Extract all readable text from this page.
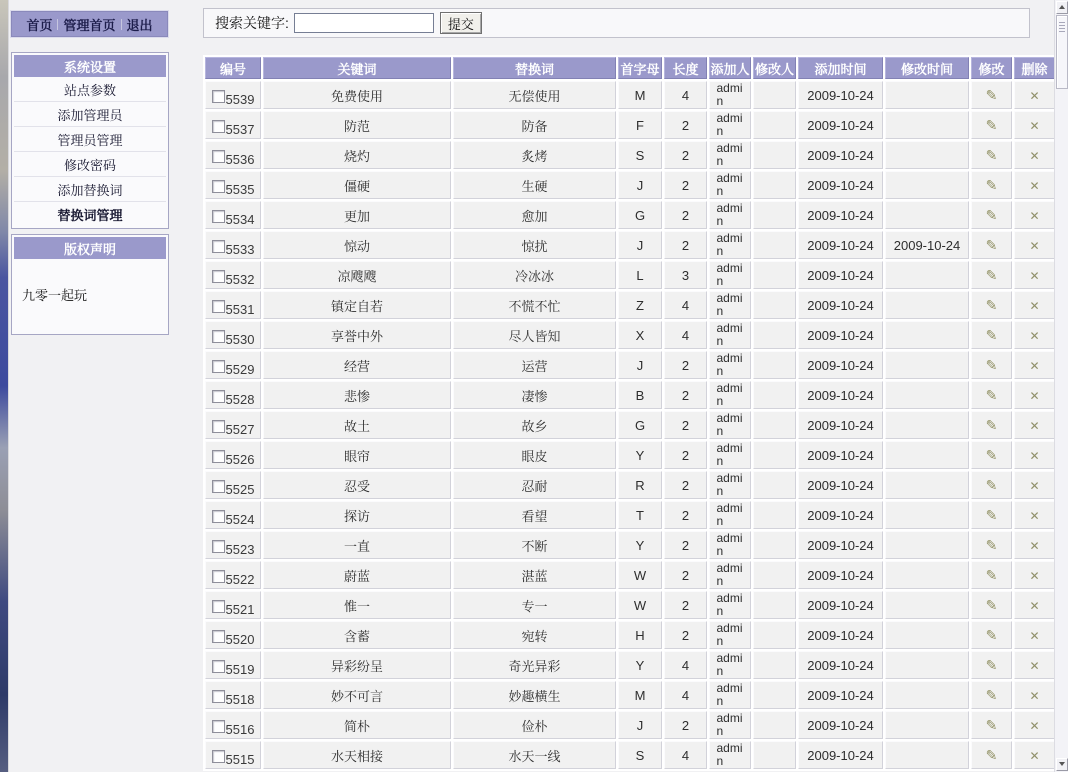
首页 管理首页 退出	搜索关键字:	提交
系统设置
站点参数
添加管理员
管理员管理
修改密码
添加替换词
替换词管理
版权声明
九零一起玩
编号	关键词	替换词	首字母	长度	添加人	修改人	添加时间	修改时间	修改	删除
5539	免费使用	无偿使用	M	4	admin		2009-10-24		✎	✕
5537	防范	防备	F	2	admin		2009-10-24		✎	✕
5536	烧灼	炙烤	S	2	admin		2009-10-24		✎	✕
5535	僵硬	生硬	J	2	admin		2009-10-24		✎	✕
5534	更加	愈加	G	2	admin		2009-10-24		✎	✕
5533	惊动	惊扰	J	2	admin		2009-10-24	2009-10-24	✎	✕
5532	凉飕飕	冷冰冰	L	3	admin		2009-10-24		✎	✕
5531	镇定自若	不慌不忙	Z	4	admin		2009-10-24		✎	✕
5530	享誉中外	尽人皆知	X	4	admin		2009-10-24		✎	✕
5529	经营	运营	J	2	admin		2009-10-24		✎	✕
5528	悲惨	凄惨	B	2	admin		2009-10-24		✎	✕
5527	故土	故乡	G	2	admin		2009-10-24		✎	✕
5526	眼帘	眼皮	Y	2	admin		2009-10-24		✎	✕
5525	忍受	忍耐	R	2	admin		2009-10-24		✎	✕
5524	探访	看望	T	2	admin		2009-10-24		✎	✕
5523	一直	不断	Y	2	admin		2009-10-24		✎	✕
5522	蔚蓝	湛蓝	W	2	admin		2009-10-24		✎	✕
5521	惟一	专一	W	2	admin		2009-10-24		✎	✕
5520	含蓄	宛转	H	2	admin		2009-10-24		✎	✕
5519	异彩纷呈	奇光异彩	Y	4	admin		2009-10-24		✎	✕
5518	妙不可言	妙趣横生	M	4	admin		2009-10-24		✎	✕
5516	简朴	俭朴	J	2	admin		2009-10-24		✎	✕
5515	水天相接	水天一线	S	4	admin		2009-10-24		✎	✕
